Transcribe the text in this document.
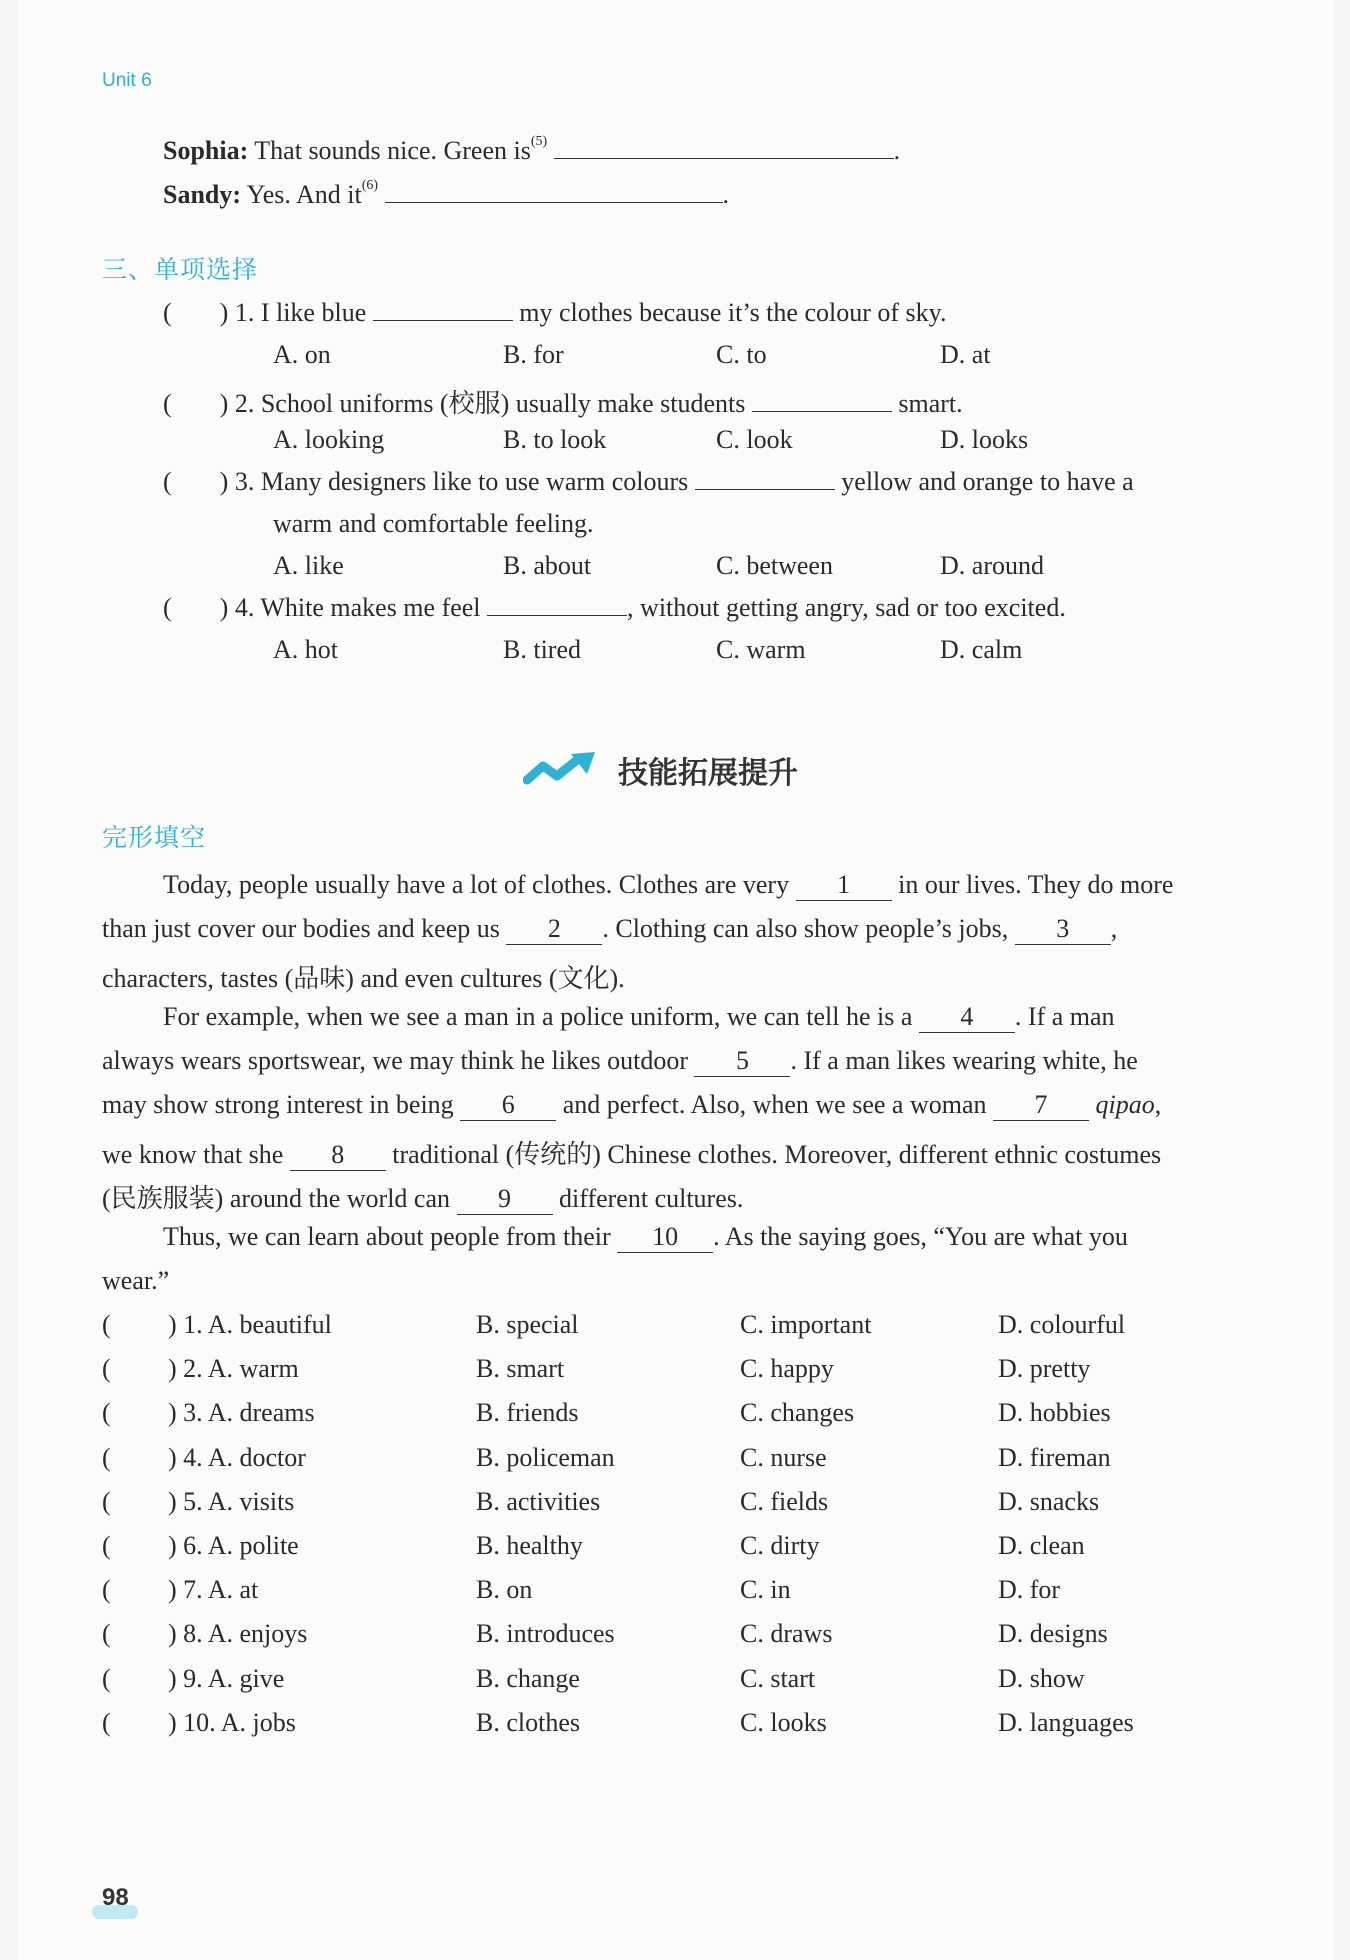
Unit 6
Sophia: That sounds nice. Green $is^{(5)}$	.
Sandy: Yes. And $it^{(6)}$	.
三、单项选择
( ) 1. I like blue	my clothes because it’s the colour of sky.
A. on	B. for	C. to	D. at
( ) 2. School uniforms (校服) usually make students	smart.
A. looking	B. to look	C. look	D. looks
( ) 3. Many designers like to use warm colours	yellow and orange to have a
warm and comfortable feeling.
A. like	B. about	C. between	D. around
( ) 4. White makes me feel	, without getting angry, sad or too excited.
A. hot	B. tired	C. warm	D. calm
技能拓展提升
完形填空
Today, people usually have a lot of clothes. Clothes are very 1 in our lives. They do more
than just cover our bodies and keep us 2 . Clothing can also show people’s jobs, 3 ,
characters, tastes (品味) and even cultures (文化).
For example, when we see a man in a police uniform, we can tell he is a 4 . If a man
always wears sportswear, we may think he likes outdoor 5 . If a man likes wearing white, he
may show strong interest in being 6 and perfect. Also, when we see a woman 7 qipao,
we know that she 8 traditional (传统的) Chinese clothes. Moreover, different ethnic costumes
(民族服装) around the world can 9 different cultures.
Thus, we can learn about people from their 10 . As the saying goes, “You are what you
wear.”
( ) 1. A. beautiful	B. special	C. important	D. colourful
( ) 2. A. warm	B. smart	C. happy	D. pretty
( ) 3. A. dreams	B. friends	C. changes	D. hobbies
( ) 4. A. doctor	B. policeman	C. nurse	D. fireman
( ) 5. A. visits	B. activities	C. fields	D. snacks
( ) 6. A. polite	B. healthy	C. dirty	D. clean
( ) 7. A. at	B. on	C. in	D. for
( ) 8. A. enjoys	B. introduces	C. draws	D. designs
( ) 9. A. give	B. change	C. start	D. show
( ) 10. A. jobs	B. clothes	C. looks	D. languages
98
